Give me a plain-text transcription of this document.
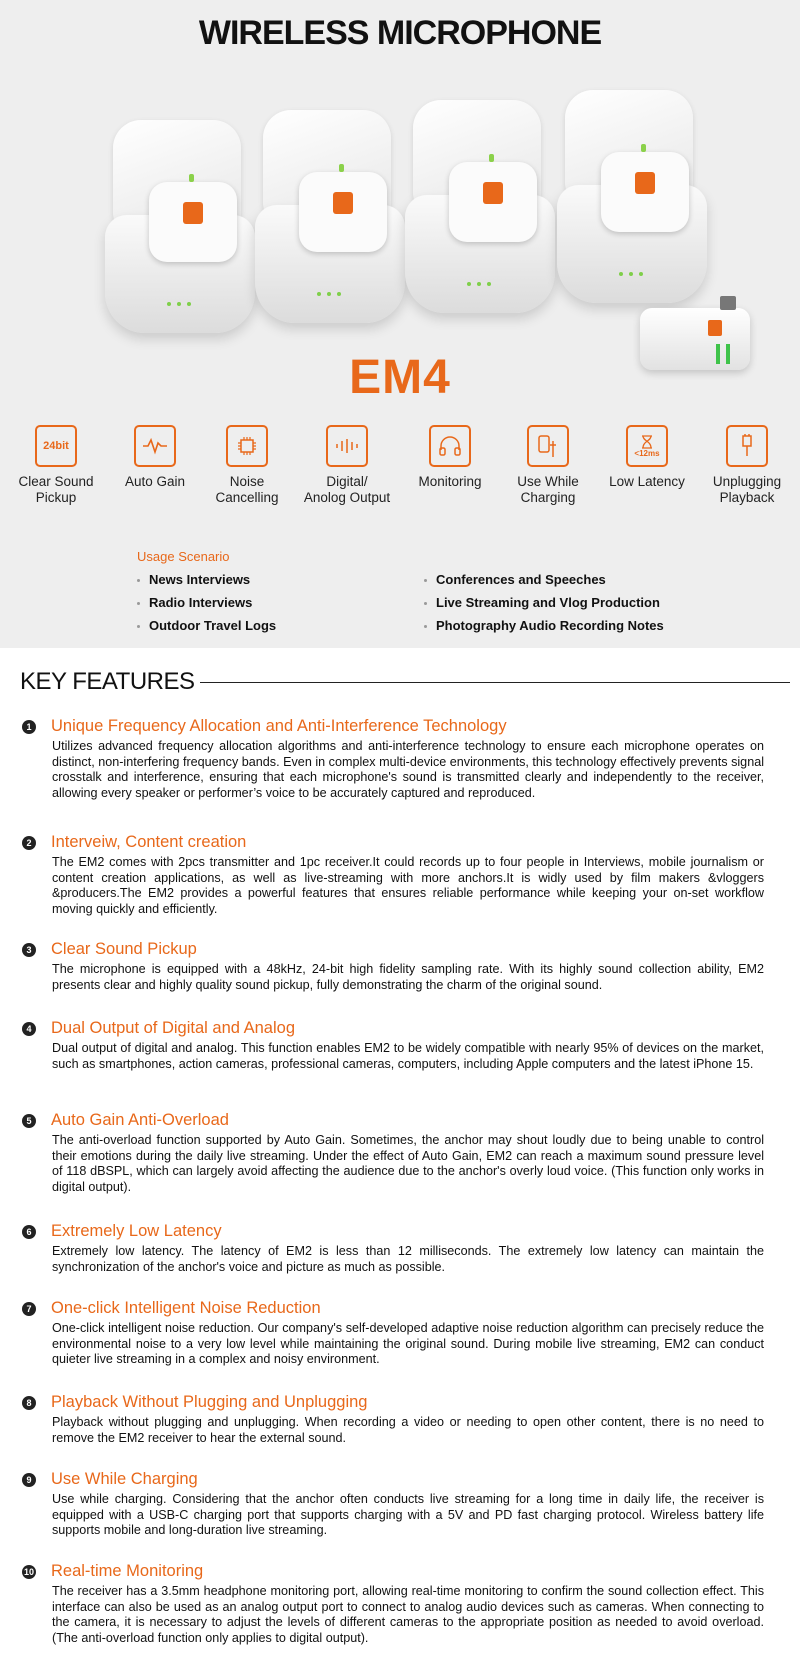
WIRELESS MICROPHONE
EM4
24bit
Clear Sound
Pickup
Auto Gain	Noise
Cancelling
Digital/
Anolog Output
Monitoring	Use While
Charging
<12ms
Low Latency	Unplugging
Playback
Usage Scenario
News Interviews
Radio Interviews
Outdoor Travel Logs
Conferences and Speeches
Live Streaming and Vlog Production
Photography Audio Recording Notes
KEY FEATURES
1 Unique Frequency Allocation and Anti-Interference Technology
Utilizes advanced frequency allocation algorithms and anti-interference technology to ensure each microphone operates on distinct, non-interfering frequency bands. Even in complex multi-device environments, this technology effectively prevents signal crosstalk and interference, ensuring that each microphone's sound is transmitted clearly and independently to the receiver, allowing every speaker or performer’s voice to be accurately captured and reproduced.
2 Interveiw, Content creation
The EM2 comes with 2pcs transmitter and 1pc receiver.It could records up to four people in Interviews, mobile journalism or content creation applications, as well as live-streaming with more anchors.It is widly used by film makers &vloggers &producers.The EM2 provides a powerful features that ensures reliable performance while keeping your on-set workflow moving quickly and efficiently.
3 Clear Sound Pickup
The microphone is equipped with a 48kHz, 24-bit high fidelity sampling rate. With its highly sound collection ability, EM2 presents clear and highly quality sound pickup, fully demonstrating the charm of the original sound.
4 Dual Output of Digital and Analog
Dual output of digital and analog. This function enables EM2 to be widely compatible with nearly 95% of devices on the market, such as smartphones, action cameras, professional cameras, computers, including Apple computers and the latest iPhone 15.
5 Auto Gain Anti-Overload
The anti-overload function supported by Auto Gain. Sometimes, the anchor may shout loudly due to being unable to control their emotions during the daily live streaming. Under the effect of Auto Gain, EM2 can reach a maximum sound pressure level of 118 dBSPL, which can largely avoid affecting the audience due to the anchor's overly loud voice. (This function only works in digital output).
6 Extremely Low Latency
Extremely low latency. The latency of EM2 is less than 12 milliseconds. The extremely low latency can maintain the synchronization of the anchor's voice and picture as much as possible.
7 One-click Intelligent Noise Reduction
One-click intelligent noise reduction. Our company's self-developed adaptive noise reduction algorithm can precisely reduce the environmental noise to a very low level while maintaining the original sound. During mobile live streaming, EM2 can conduct quieter live streaming in a complex and noisy environment.
8 Playback Without Plugging and Unplugging
Playback without plugging and unplugging. When recording a video or needing to open other content, there is no need to remove the EM2 receiver to hear the external sound.
9 Use While Charging
Use while charging. Considering that the anchor often conducts live streaming for a long time in daily life, the receiver is equipped with a USB-C charging port that supports charging with a 5V and PD fast charging protocol. Wireless battery life supports mobile and long-duration live streaming.
10 Real-time Monitoring
The receiver has a 3.5mm headphone monitoring port, allowing real-time monitoring to confirm the sound collection effect. This interface can also be used as an analog output port to connect to analog audio devices such as cameras. When connecting to the camera, it is necessary to adjust the levels of different cameras to the appropriate position as needed to avoid overload. (The anti-overload function only applies to digital output).
